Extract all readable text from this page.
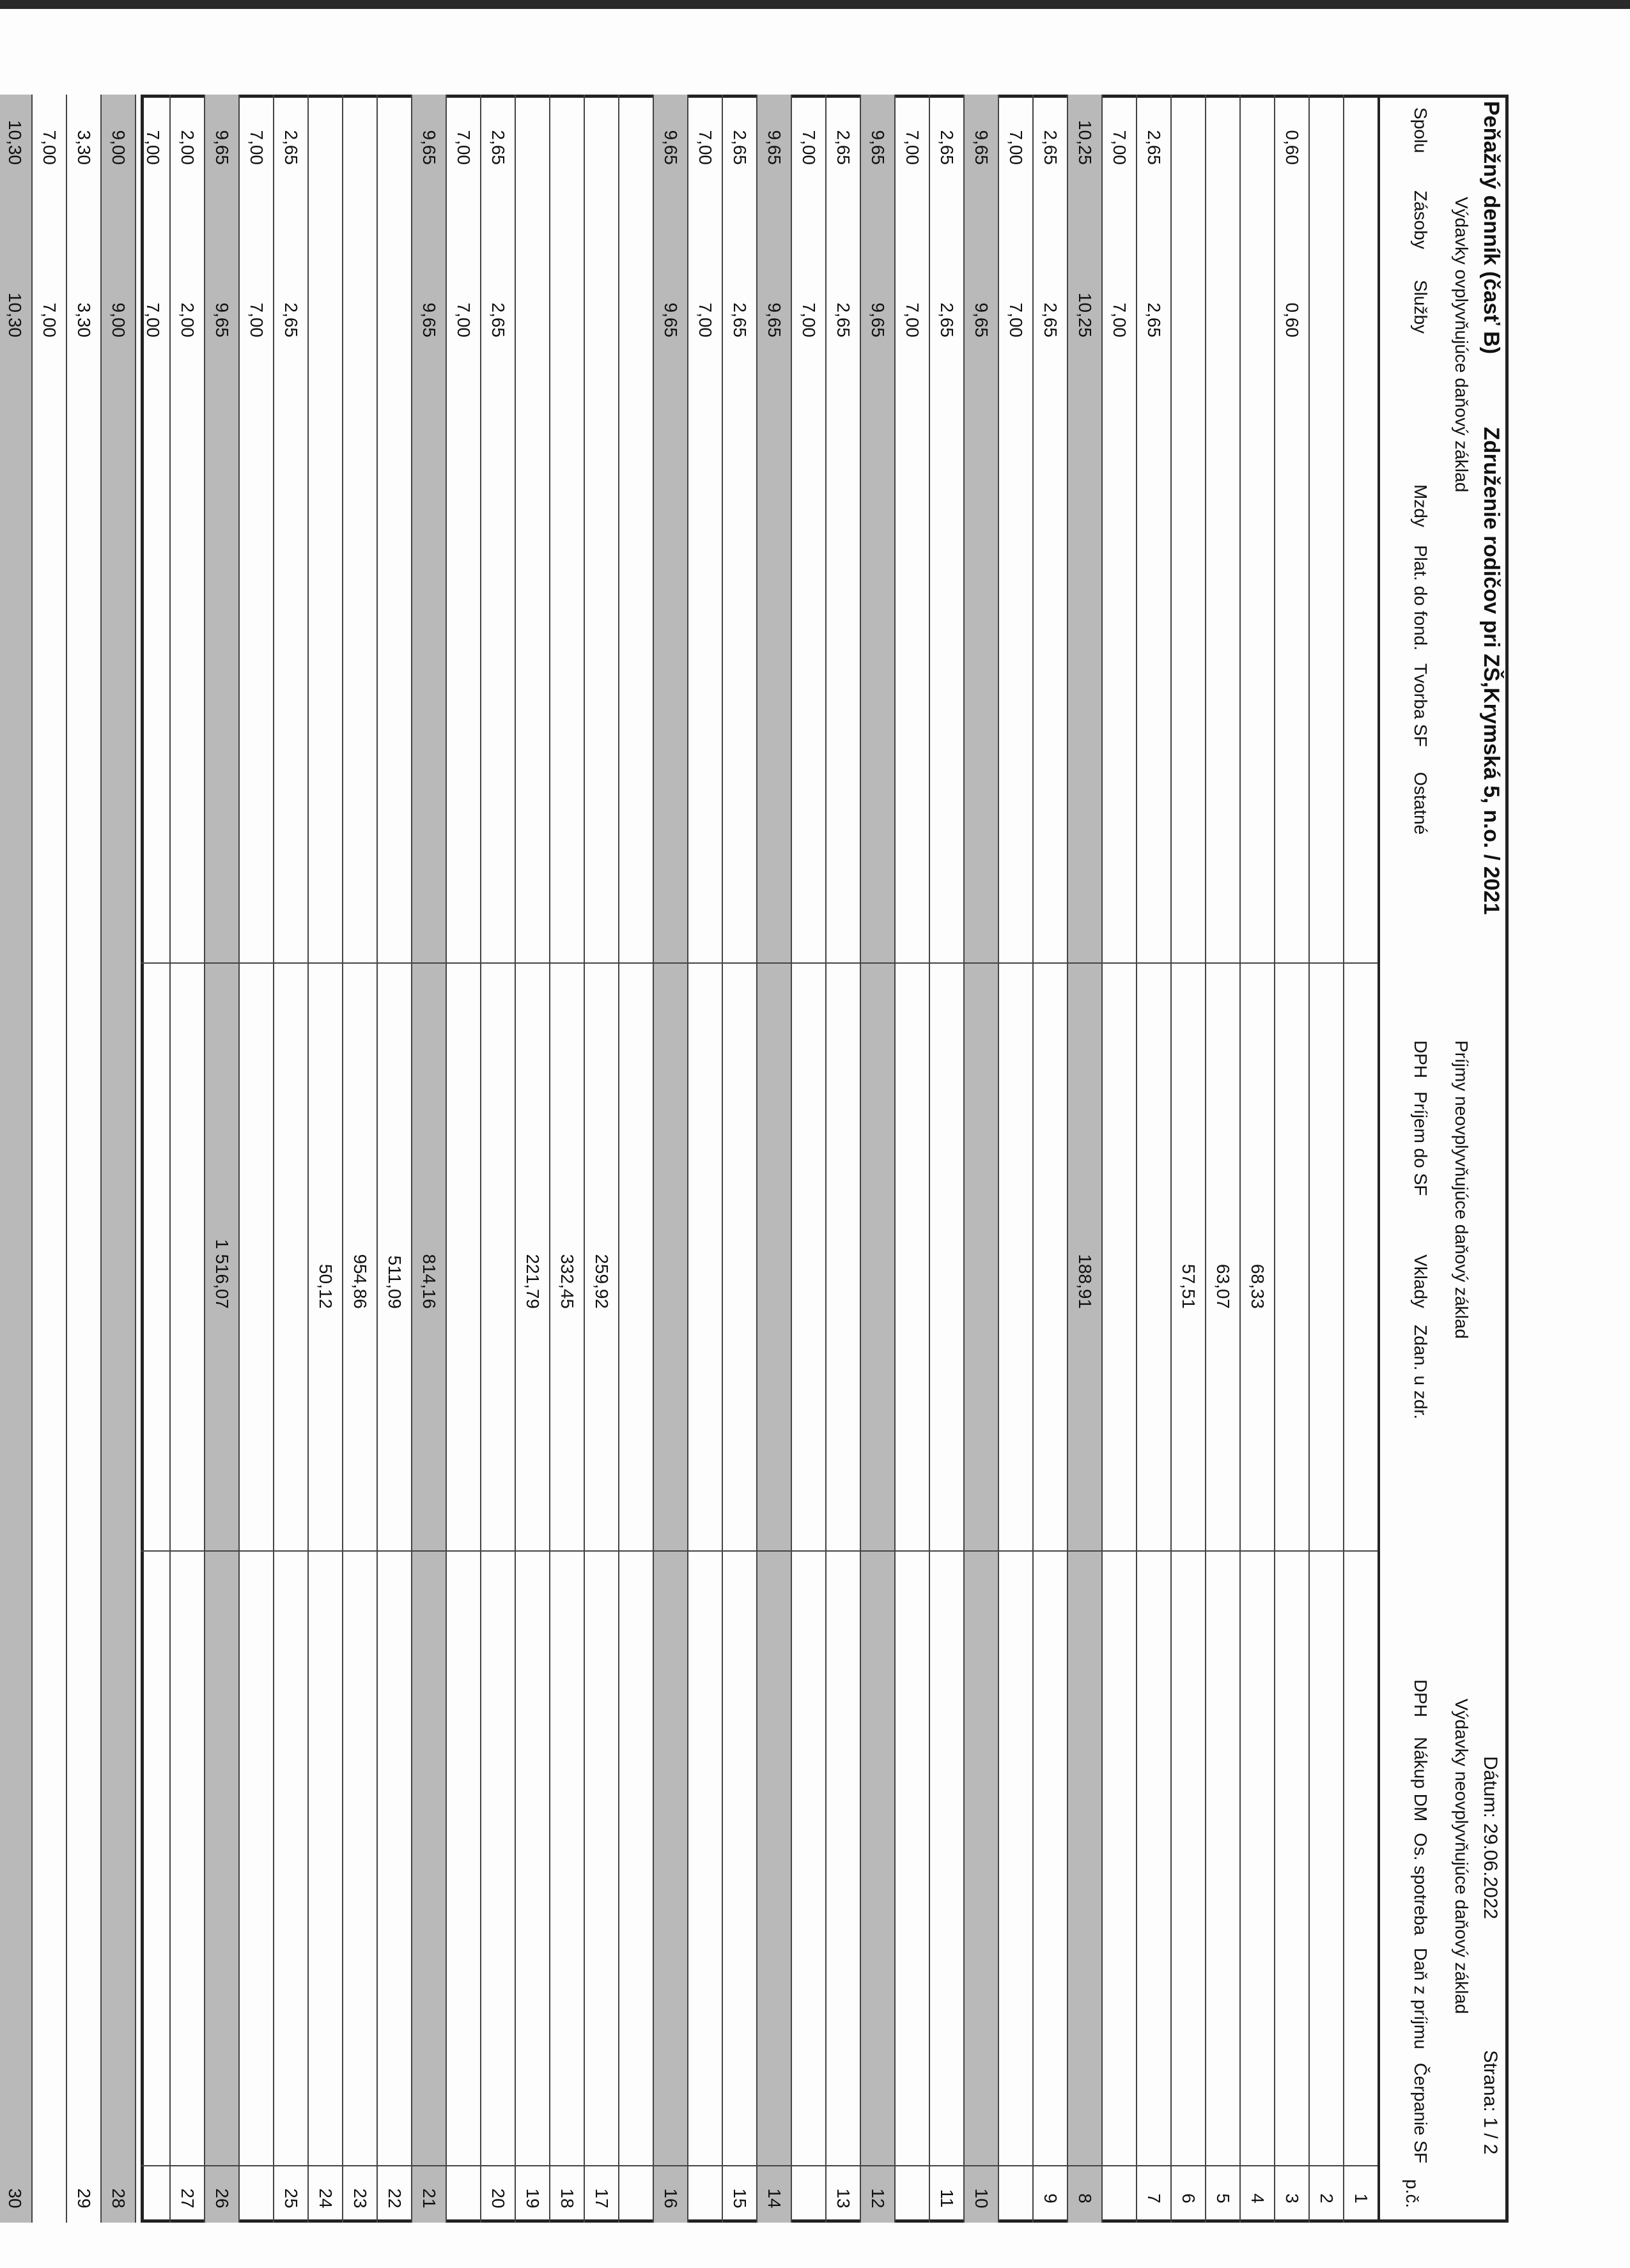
Peňažný denník (časť B)
Združenie rodičov pri ZŠ,Krymská 5, n.o. / 2021
Dátum: 29.06.2022
Strana: 1 / 2
Výdavky ovplyvňujúce daňový základ
Príjmy neovplyvňujúce daňový základ
Výdavky neovplyvňujúce daňový základ
Spolu
Zásoby
Služby
Mzdy
Plat. do fond.
Tvorba SF
Ostatné
DPH
Príjem do SF
Vklady
Zdan. u zdr.
DPH
Nákup DM
Os. spotreba
Daň z príjmu
Čerpanie SF
p.č.
1
2
0,60
0,60
3
68,33
4
63,07
5
57,51
6
2,65
2,65
7
7,00
7,00
10,25
10,25
188,91
8
2,65
2,65
9
7,00
7,00
9,65
9,65
10
2,65
2,65
11
7,00
7,00
9,65
9,65
12
2,65
2,65
13
7,00
7,00
9,65
9,65
14
2,65
2,65
15
7,00
7,00
9,65
9,65
16
259,92
17
332,45
18
221,79
19
2,65
2,65
20
7,00
7,00
9,65
9,65
814,16
21
511,09
22
954,86
23
50,12
24
2,65
2,65
25
7,00
7,00
9,65
9,65
1 516,07
26
2,00
2,00
27
7,00
7,00
9,00
9,00
28
3,30
3,30
29
7,00
7,00
10,30
10,30
30
